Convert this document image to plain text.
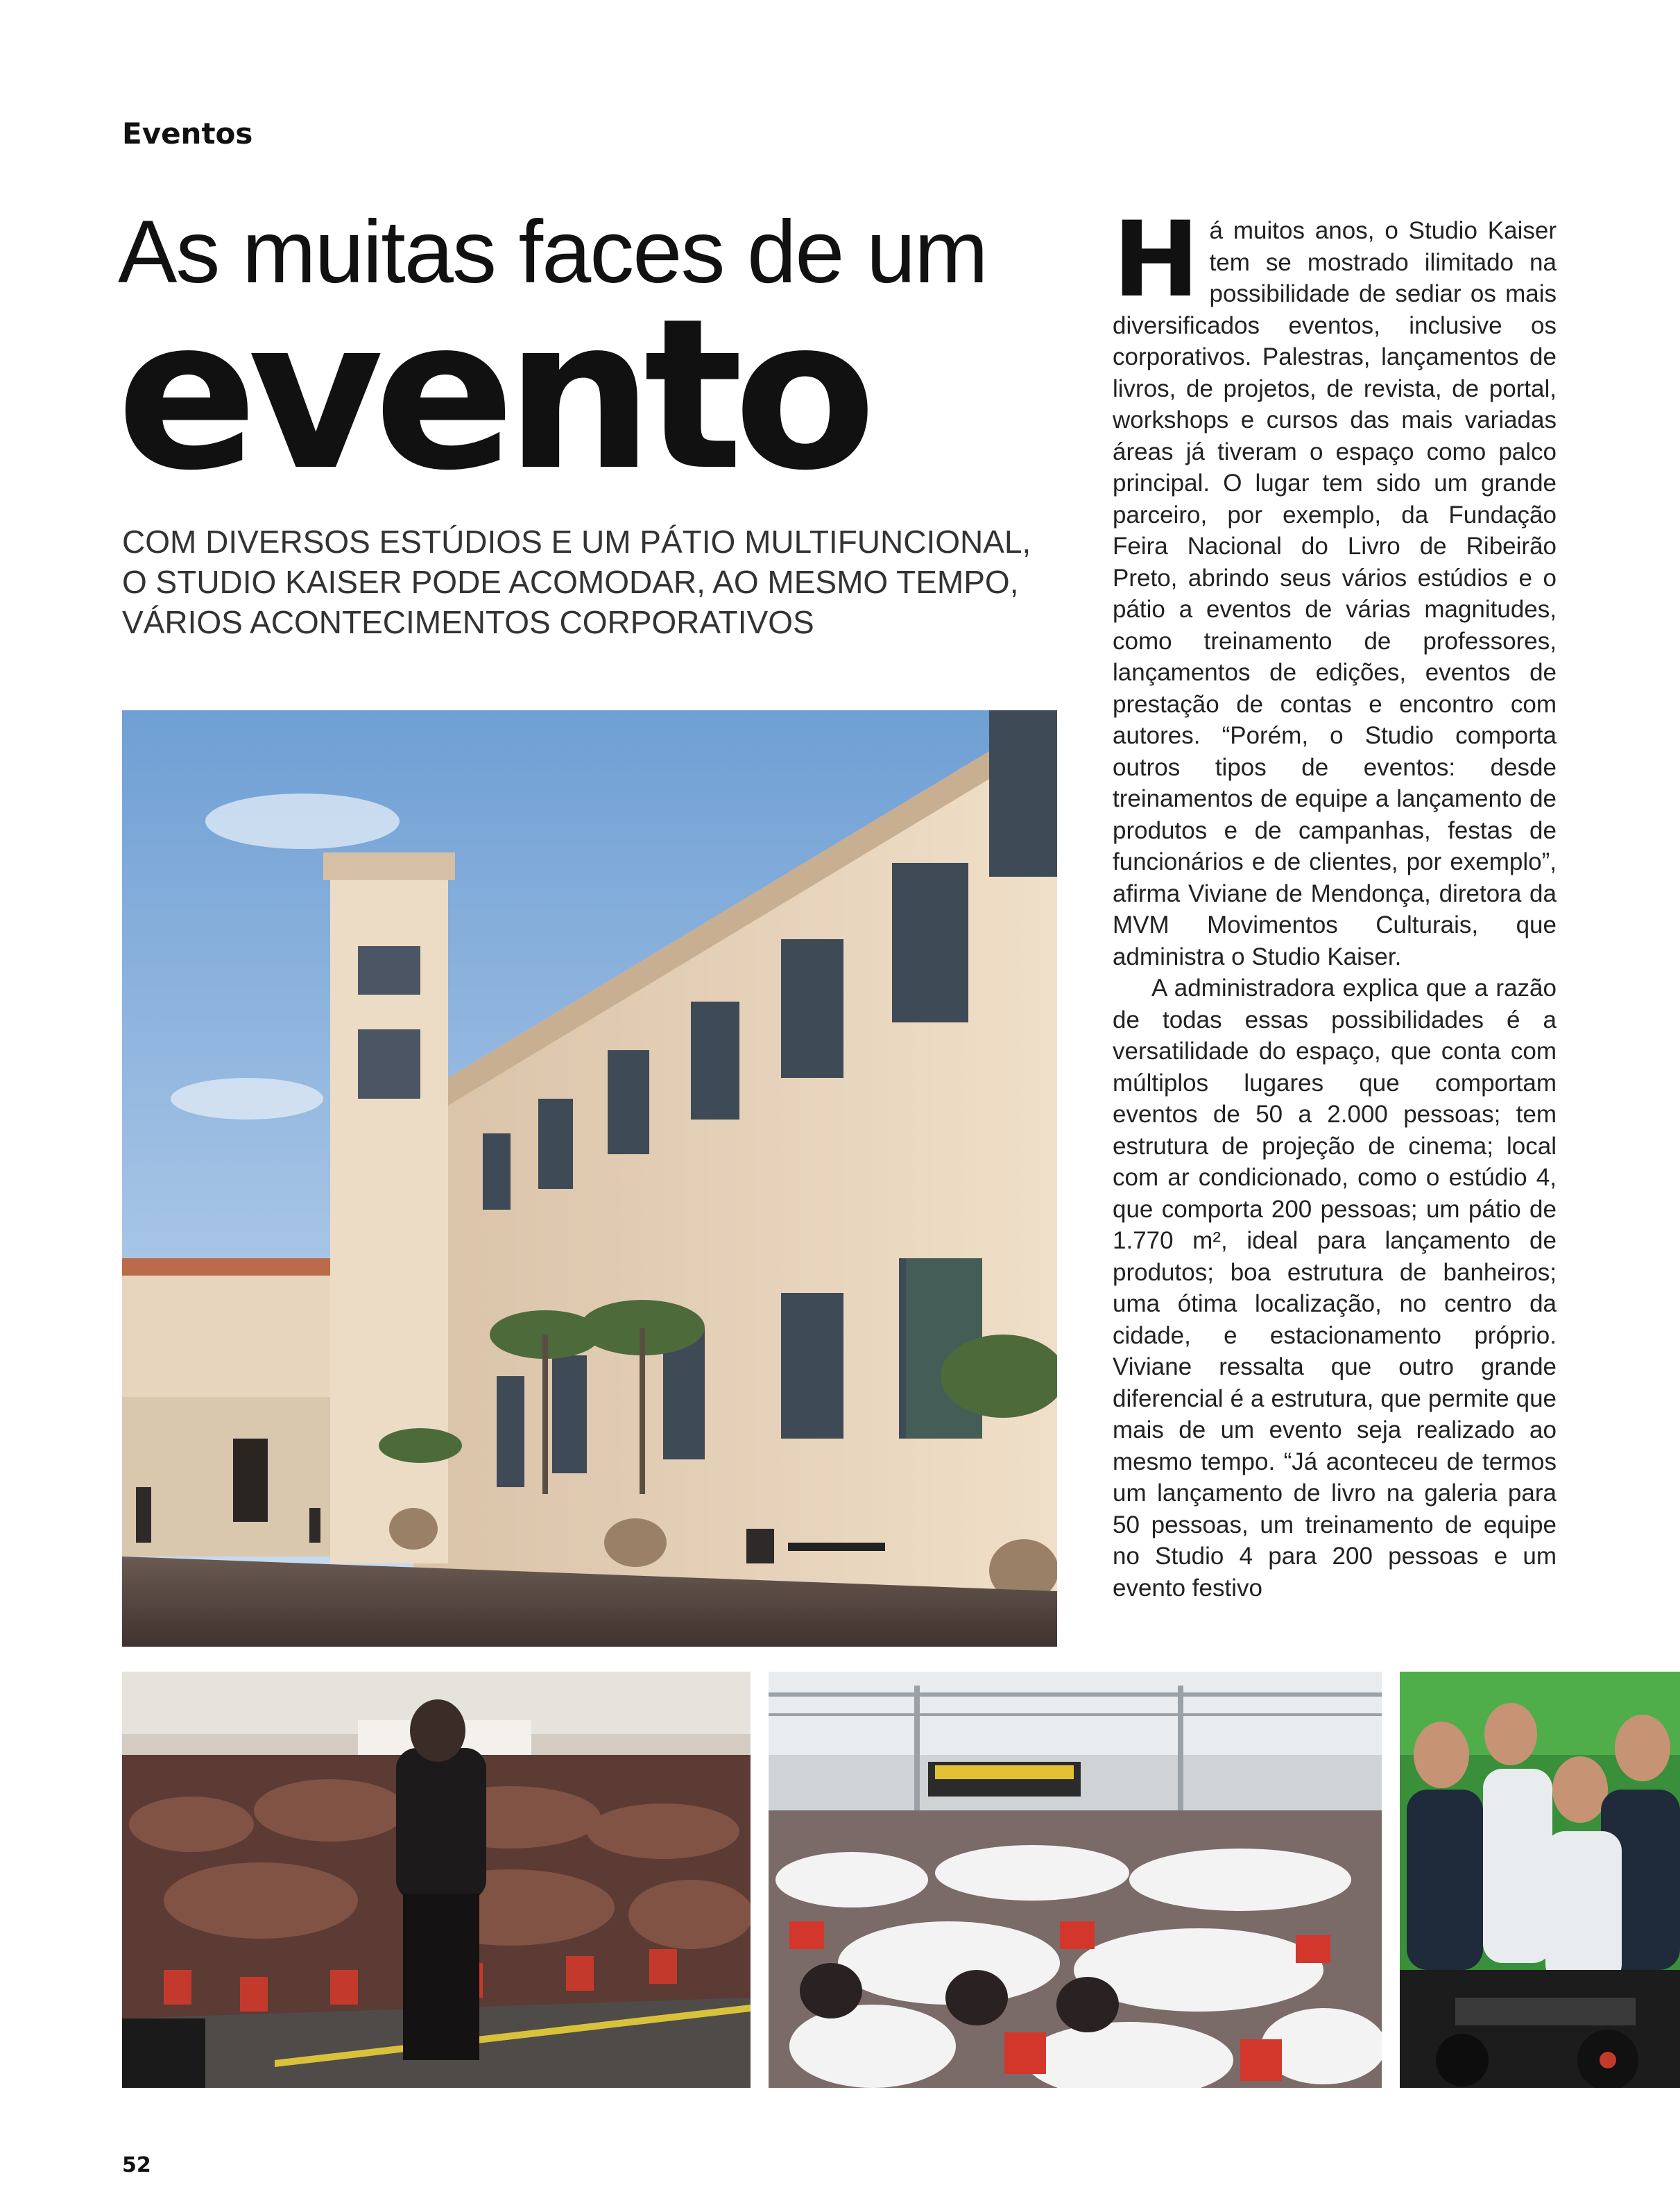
Eventos
As muitas faces de um
evento
COM DIVERSOS ESTÚDIOS E UM PÁTIO MULTIFUNCIONAL,
O STUDIO KAISER PODE ACOMODAR, AO MESMO TEMPO,
VÁRIOS ACONTECIMENTOS CORPORATIVOS

Há muitos anos, o Studio Kaiser tem se mostrado ilimitado na possibilidade de sediar os mais diversificados eventos, inclusive os corporativos. Palestras, lançamentos de livros, de projetos, de revista, de portal, workshops e cursos das mais variadas áreas já tiveram o espaço como palco principal. O lugar tem sido um grande parceiro, por exemplo, da Fundação Feira Nacional do Livro de Ribeirão Preto, abrindo seus vários estúdios e o pátio a eventos de várias magnitudes, como treinamento de professores, lançamentos de edições, eventos de prestação de contas e encontro com autores. “Porém, o Studio comporta outros tipos de eventos: desde treinamentos de equipe a lançamento de produtos e de campanhas, festas de funcionários e de clientes, por exemplo”, afirma Viviane de Mendonça, diretora da MVM Movimentos Culturais, que administra o Studio Kaiser.

A administradora explica que a razão de todas essas possibilidades é a versatilidade do espaço, que conta com múltiplos lugares que comportam eventos de 50 a 2.000 pessoas; tem estrutura de projeção de cinema; local com ar condicionado, como o estúdio 4, que comporta 200 pessoas; um pátio de 1.770 m², ideal para lançamento de produtos; boa estrutura de banheiros; uma ótima localização, no centro da cidade, e estacionamento próprio. Viviane ressalta que outro grande diferencial é a estrutura, que permite que mais de um evento seja realizado ao mesmo tempo. “Já aconteceu de termos um lançamento de livro na galeria para 50 pessoas, um treinamento de equipe no Studio 4 para 200 pessoas e um evento festivo

52
